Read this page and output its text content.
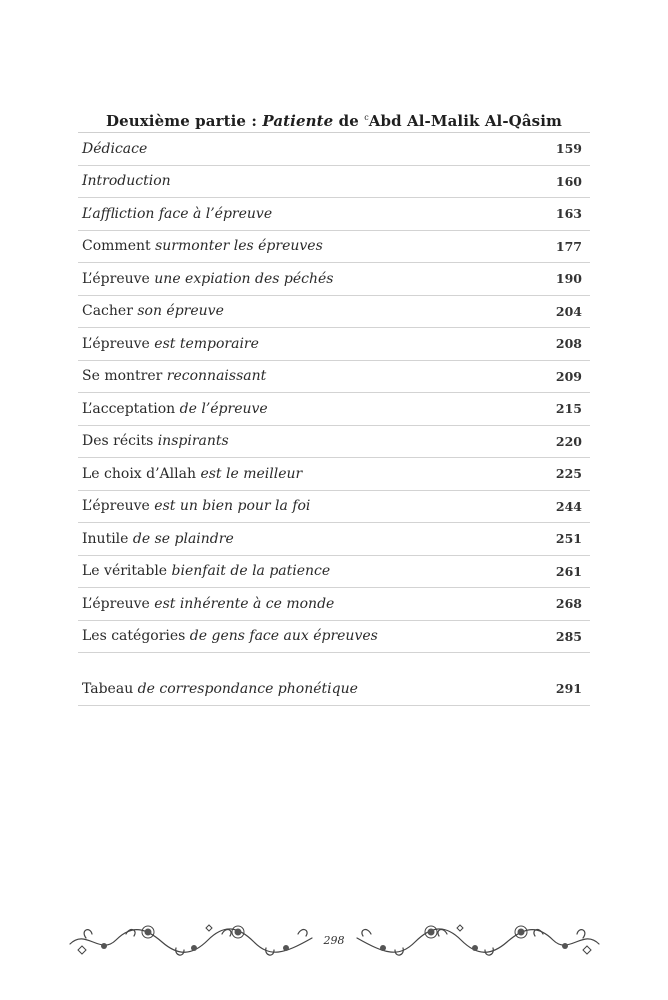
Deuxième partie : Patiente de $^c$Abd Al-Malik Al-Qâsim
Dédicace	159
Introduction	160
L’affliction face à l’épreuve	163
Comment surmonter les épreuves	177
L’épreuve une expiation des péchés	190
Cacher son épreuve	204
L’épreuve est temporaire	208
Se montrer reconnaissant	209
L’acceptation de l’épreuve	215
Des récits inspirants	220
Le choix d’Allah est le meilleur	225
L’épreuve est un bien pour la foi	244
Inutile de se plaindre	251
Le véritable bienfait de la patience	261
L’épreuve est inhérente à ce monde	268
Les catégories de gens face aux épreuves	285
Tabeau de correspondance phonétique	291
298
